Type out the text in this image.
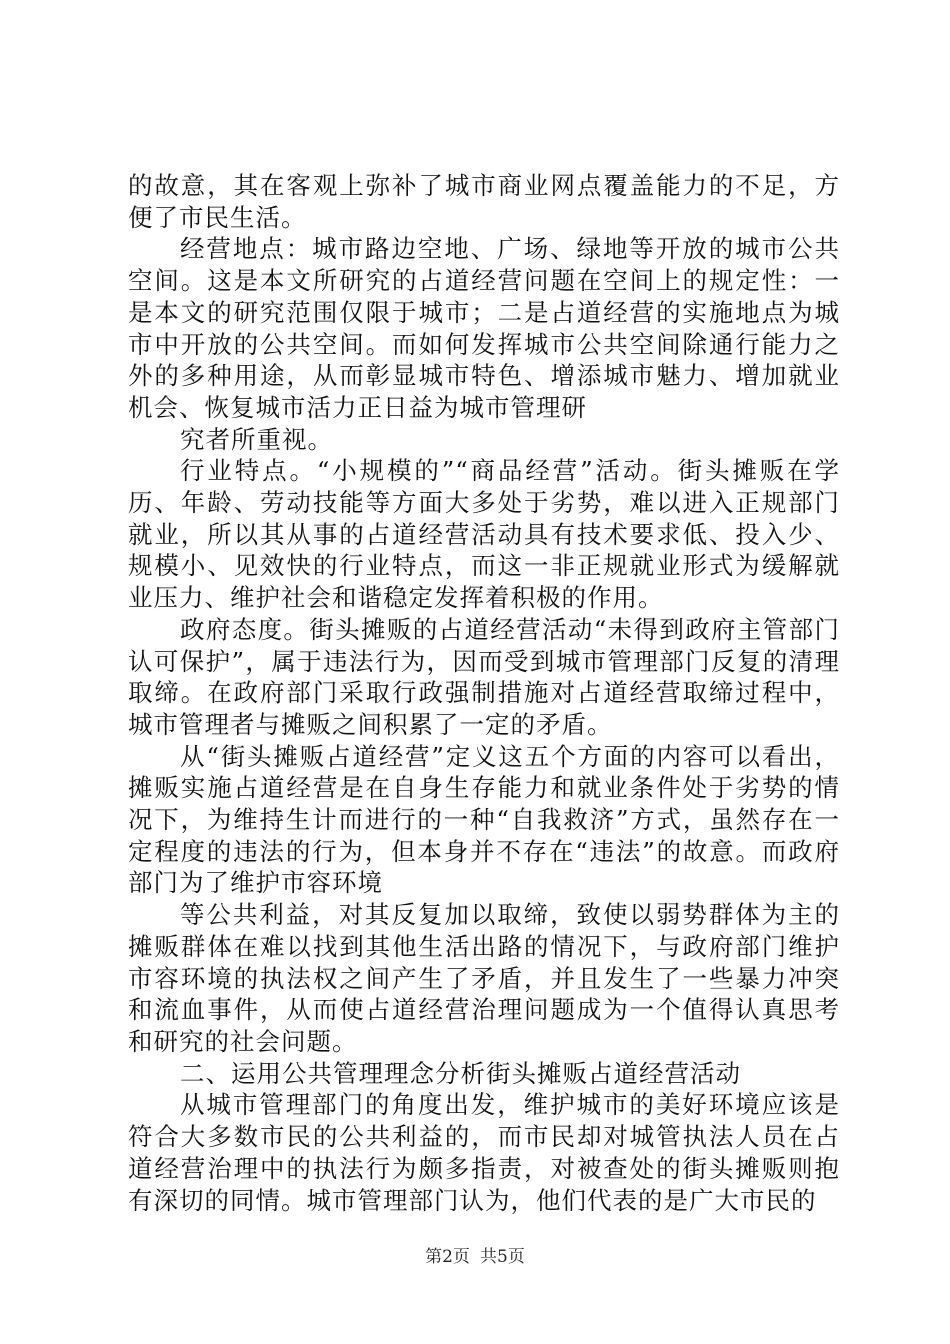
的故意，其在客观上弥补了城市商业网点覆盖能力的不足，方便了市民生活。

经营地点：城市路边空地、广场、绿地等开放的城市公共空间。这是本文所研究的占道经营问题在空间上的规定性：一是本文的研究范围仅限于城市；二是占道经营的实施地点为城市中开放的公共空间。而如何发挥城市公共空间除通行能力之外的多种用途，从而彰显城市特色、增添城市魅力、增加就业机会、恢复城市活力正日益为城市管理研

究者所重视。

行业特点。“小规模的”“商品经营”活动。街头摊贩在学历、年龄、劳动技能等方面大多处于劣势，难以进入正规部门就业，所以其从事的占道经营活动具有技术要求低、投入少、规模小、见效快的行业特点，而这一非正规就业形式为缓解就业压力、维护社会和谐稳定发挥着积极的作用。

政府态度。街头摊贩的占道经营活动“未得到政府主管部门认可保护”，属于违法行为，因而受到城市管理部门反复的清理取缔。在政府部门采取行政强制措施对占道经营取缔过程中，城市管理者与摊贩之间积累了一定的矛盾。

从“街头摊贩占道经营”定义这五个方面的内容可以看出，摊贩实施占道经营是在自身生存能力和就业条件处于劣势的情况下，为维持生计而进行的一种“自我救济”方式，虽然存在一定程度的违法的行为，但本身并不存在“违法”的故意。而政府部门为了维护市容环境

等公共利益，对其反复加以取缔，致使以弱势群体为主的摊贩群体在难以找到其他生活出路的情况下，与政府部门维护市容环境的执法权之间产生了矛盾，并且发生了一些暴力冲突和流血事件，从而使占道经营治理问题成为一个值得认真思考和研究的社会问题。

二、运用公共管理理念分析街头摊贩占道经营活动

从城市管理部门的角度出发，维护城市的美好环境应该是符合大多数市民的公共利益的，而市民却对城管执法人员在占道经营治理中的执法行为颇多指责，对被查处的街头摊贩则抱有深切的同情。城市管理部门认为，他们代表的是广大市民的

第2页 共5页
